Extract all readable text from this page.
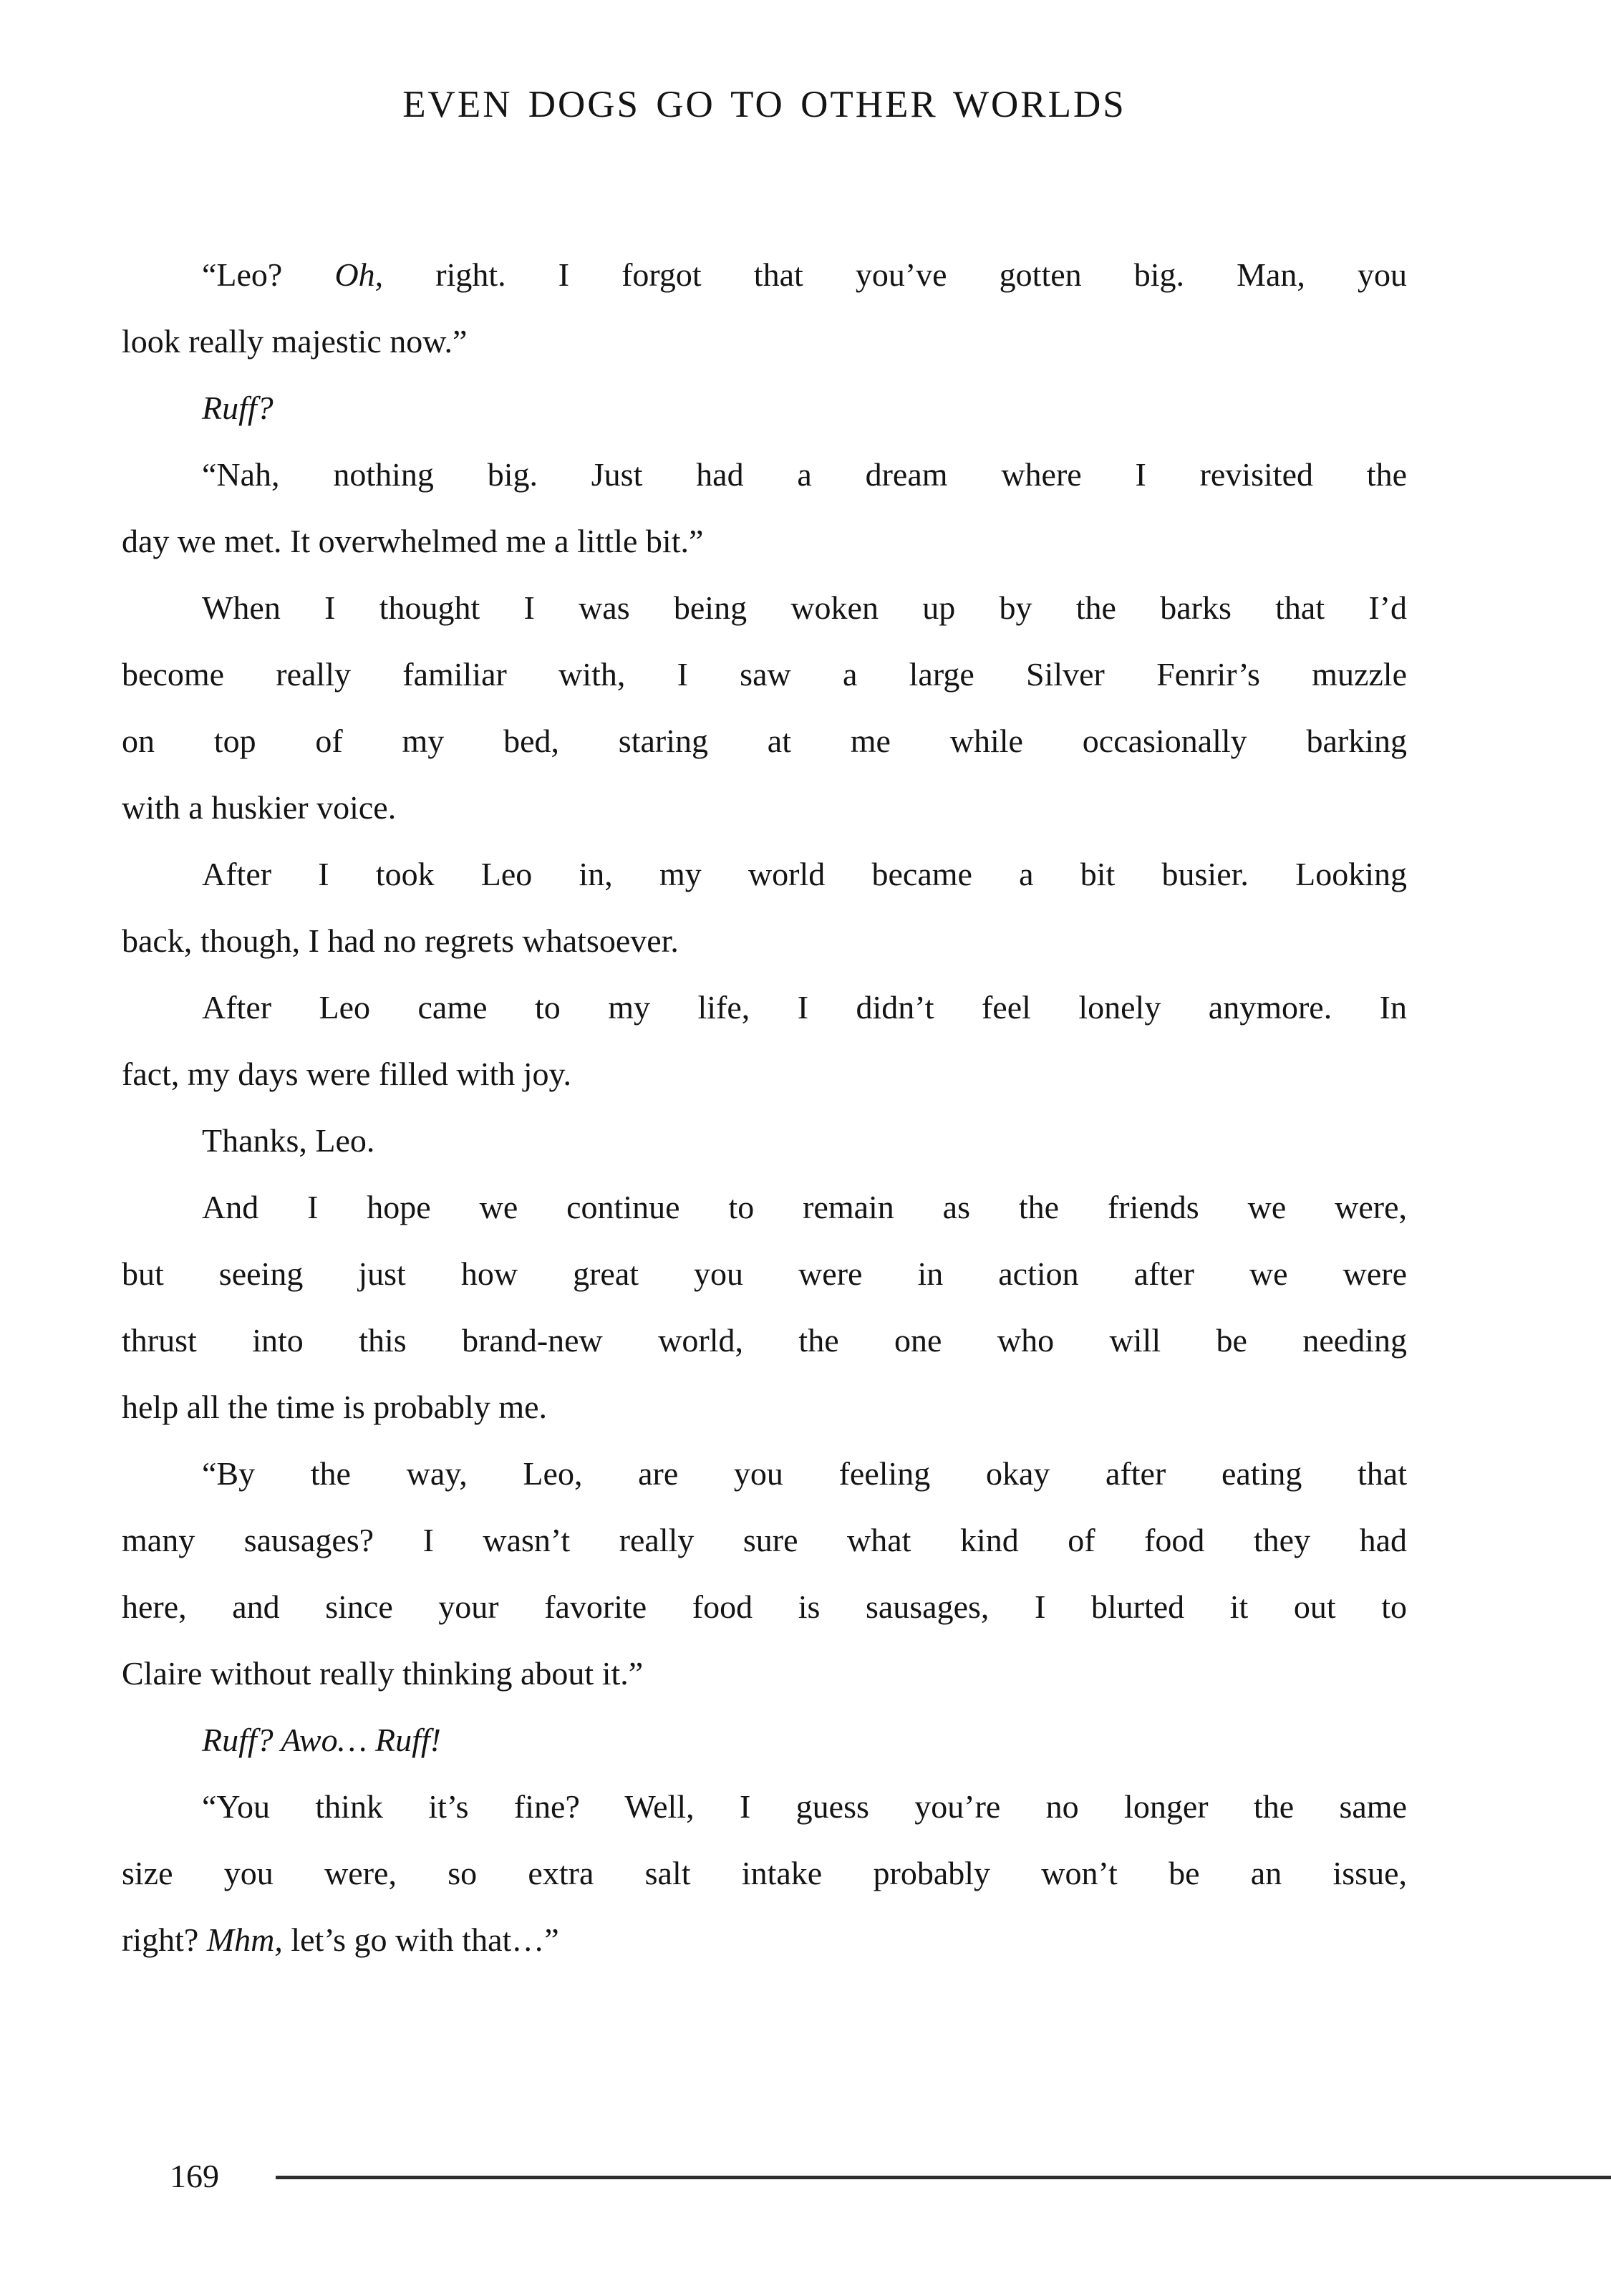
EVEN DOGS GO TO OTHER WORLDS
“Leo? Oh, right. I forgot that you’ve gotten big. Man, you
look really majestic now.”
Ruff?
“Nah, nothing big. Just had a dream where I revisited the
day we met. It overwhelmed me a little bit.”
When I thought I was being woken up by the barks that I’d
become really familiar with, I saw a large Silver Fenrir’s muzzle
on top of my bed, staring at me while occasionally barking
with a huskier voice.
After I took Leo in, my world became a bit busier. Looking
back, though, I had no regrets whatsoever.
After Leo came to my life, I didn’t feel lonely anymore. In
fact, my days were filled with joy.
Thanks, Leo.
And I hope we continue to remain as the friends we were,
but seeing just how great you were in action after we were
thrust into this brand-new world, the one who will be needing
help all the time is probably me.
“By the way, Leo, are you feeling okay after eating that
many sausages? I wasn’t really sure what kind of food they had
here, and since your favorite food is sausages, I blurted it out to
Claire without really thinking about it.”
Ruff? Awo… Ruff!
“You think it’s fine? Well, I guess you’re no longer the same
size you were, so extra salt intake probably won’t be an issue,
right? Mhm, let’s go with that…”
169
